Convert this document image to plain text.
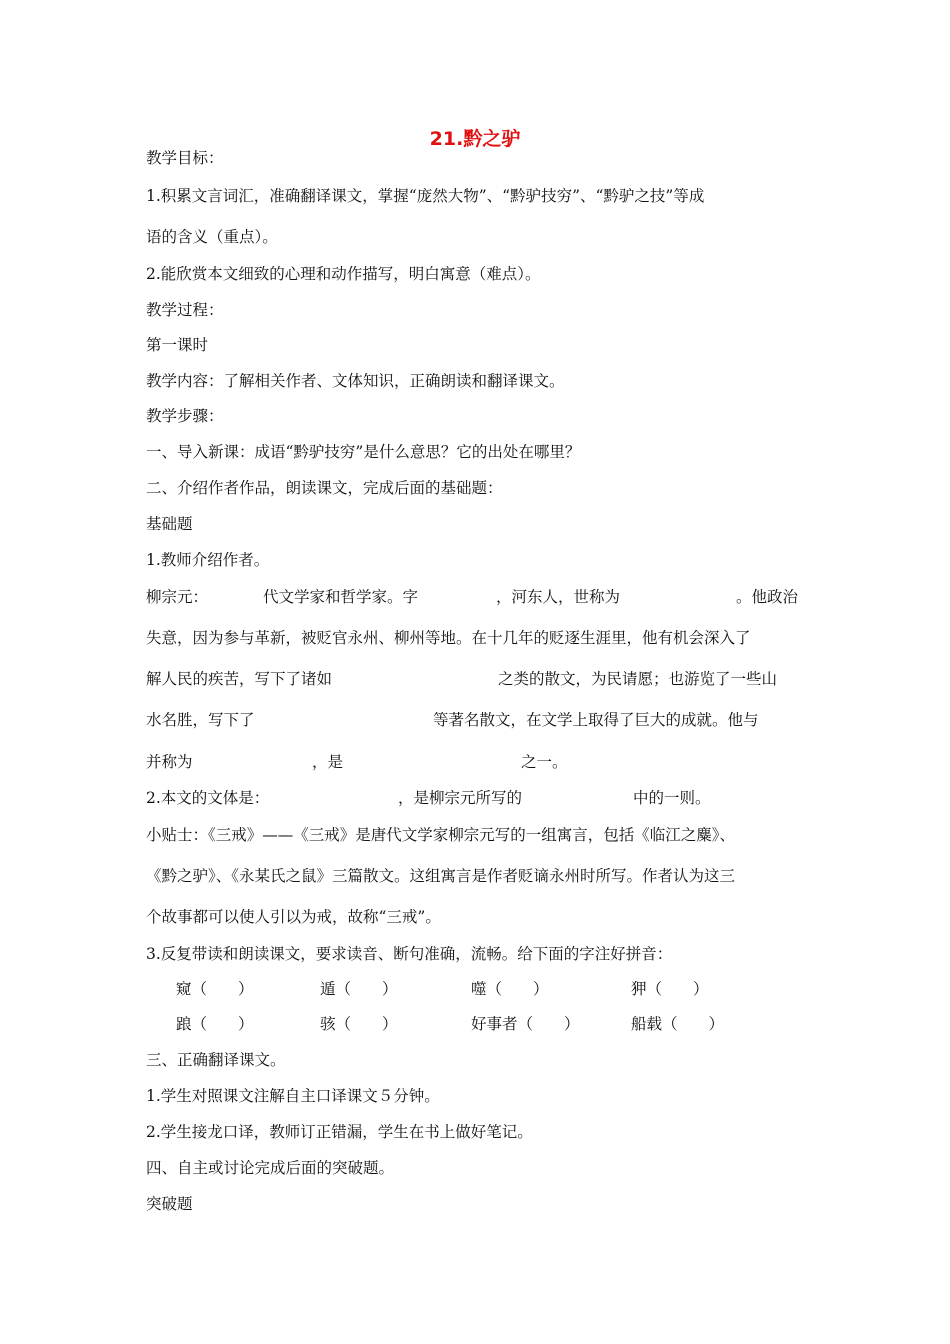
21.黔之驴
教学目标：
1.积累文言词汇，准确翻译课文，掌握“庞然大物”、“黔驴技穷”、“黔驴之技”等成
语的含义（重点）。
2.能欣赏本文细致的心理和动作描写，明白寓意（难点）。
教学过程：
第一课时
教学内容：了解相关作者、文体知识，正确朗读和翻译课文。
教学步骤：
一、导入新课：成语“黔驴技穷”是什么意思？它的出处在哪里？
二、介绍作者作品，朗读课文，完成后面的基础题：
基础题
1.教师介绍作者。
柳宗元：	代文学家和哲学家。字	，河东人，世称为	。他政治
失意，因为参与革新，被贬官永州、柳州等地。在十几年的贬逐生涯里，他有机会深入了
解人民的疾苦，写下了诸如	之类的散文，为民请愿；也游览了一些山
水名胜，写下了	等著名散文，在文学上取得了巨大的成就。他与
并称为	，是	之一。
2.本文的文体是：	，是柳宗元所写的	中的一则。
小贴士：《三戒》——《三戒》是唐代文学家柳宗元写的一组寓言，包括《临江之麋》、
《黔之驴》、《永某氏之鼠》三篇散文。这组寓言是作者贬谪永州时所写。作者认为这三
个故事都可以使人引以为戒，故称“三戒”。
3.反复带读和朗读课文，要求读音、断句准确，流畅。给下面的字注好拼音：
窥（　　）	遁（　　）	噬（　　）	狎（　　）
踉（　　）	骇（　　）	好事者（　　）	船载（　　）
三、正确翻译课文。
1.学生对照课文注解自主口译课文５分钟。
2.学生接龙口译，教师订正错漏，学生在书上做好笔记。
四、自主或讨论完成后面的突破题。
突破题
